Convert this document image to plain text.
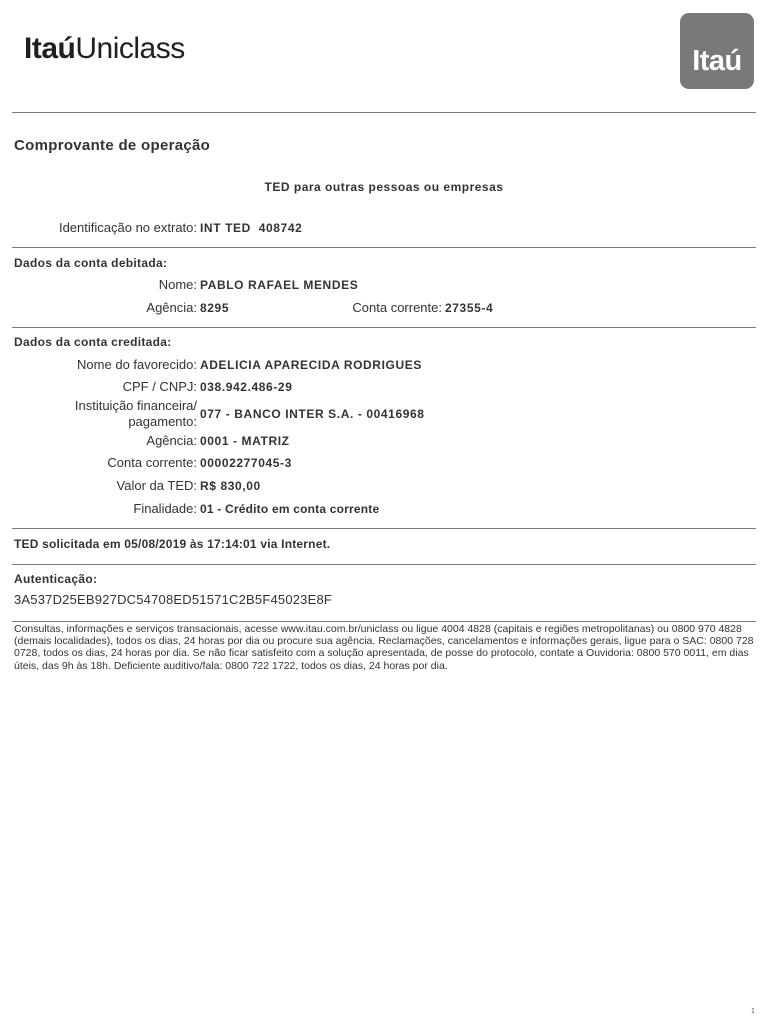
ItaúUniclass	Itaú
Comprovante de operação
TED para outras pessoas ou empresas
Identificação no extrato: INT TED  408742
Dados da conta debitada:
Nome: PABLO RAFAEL MENDES
Agência: 8295	Conta corrente: 27355-4
Dados da conta creditada:
Nome do favorecido: ADELICIA APARECIDA RODRIGUES
CPF / CNPJ: 038.942.486-29
Instituição financeira/
pagamento: 077 - BANCO INTER S.A. - 00416968
Agência: 0001 - MATRIZ
Conta corrente: 00002277045-3
Valor da TED: R$ 830,00
Finalidade: 01 - Crédito em conta corrente
TED solicitada em 05/08/2019 às 17:14:01 via Internet.
Autenticação:
3A537D25EB927DC54708ED51571C2B5F45023E8F
Consultas, informações e serviços transacionais, acesse www.itau.com.br/uniclass ou ligue 4004 4828 (capitais e regiões metropolitanas) ou 0800 970 4828 (demais localidades), todos os dias, 24 horas por dia ou procure sua agência. Reclamações, cancelamentos e informações gerais, ligue para o SAC: 0800 728 0728, todos os dias, 24 horas por dia. Se não ficar satisfeito com a solução apresentada, de posse do protocolo, contate a Ouvidoria: 0800 570 0011, em dias úteis, das 9h às 18h. Deficiente auditivo/fala: 0800 722 1722, todos os dias, 24 horas por dia.
1
